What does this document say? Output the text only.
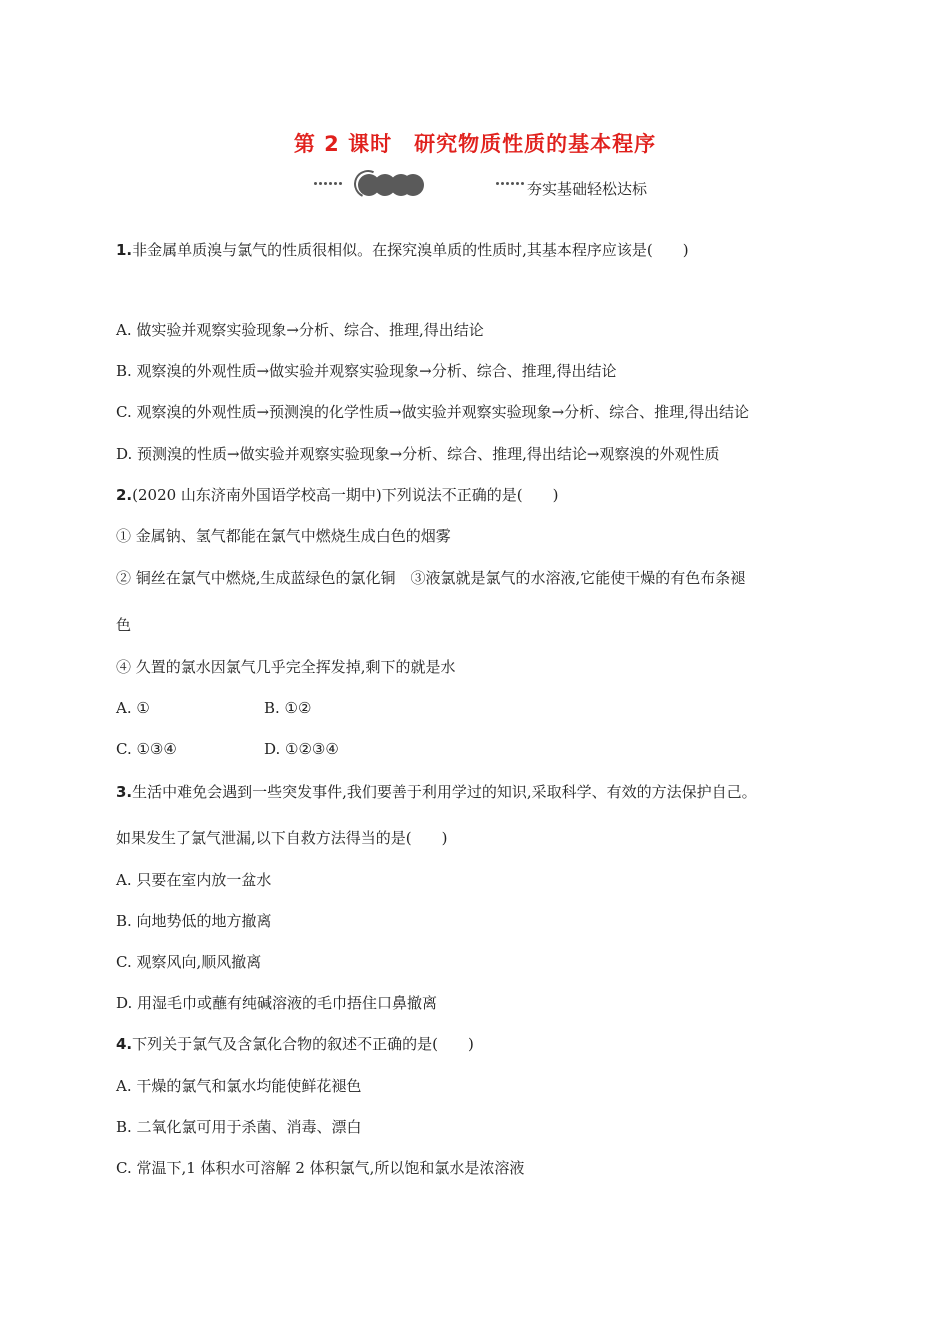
第 2 课时　研究物质性质的基本程序
夯实基础轻松达标
1.非金属单质溴与氯气的性质很相似。在探究溴单质的性质时,其基本程序应该是(　　)
A. 做实验并观察实验现象→分析、综合、推理,得出结论
B. 观察溴的外观性质→做实验并观察实验现象→分析、综合、推理,得出结论
C. 观察溴的外观性质→预测溴的化学性质→做实验并观察实验现象→分析、综合、推理,得出结论
D. 预测溴的性质→做实验并观察实验现象→分析、综合、推理,得出结论→观察溴的外观性质
2.(2020 山东济南外国语学校高一期中)下列说法不正确的是(　　)
① 金属钠、氢气都能在氯气中燃烧生成白色的烟雾
② 铜丝在氯气中燃烧,生成蓝绿色的氯化铜　③液氯就是氯气的水溶液,它能使干燥的有色布条褪
色
④ 久置的氯水因氯气几乎完全挥发掉,剩下的就是水
A. ①	B. ①②
C. ①③④	D. ①②③④
3.生活中难免会遇到一些突发事件,我们要善于利用学过的知识,采取科学、有效的方法保护自己。
如果发生了氯气泄漏,以下自救方法得当的是(　　)
A. 只要在室内放一盆水
B. 向地势低的地方撤离
C. 观察风向,顺风撤离
D. 用湿毛巾或蘸有纯碱溶液的毛巾捂住口鼻撤离
4.下列关于氯气及含氯化合物的叙述不正确的是(　　)
A. 干燥的氯气和氯水均能使鲜花褪色
B. 二氧化氯可用于杀菌、消毒、漂白
C. 常温下,1 体积水可溶解 2 体积氯气,所以饱和氯水是浓溶液
